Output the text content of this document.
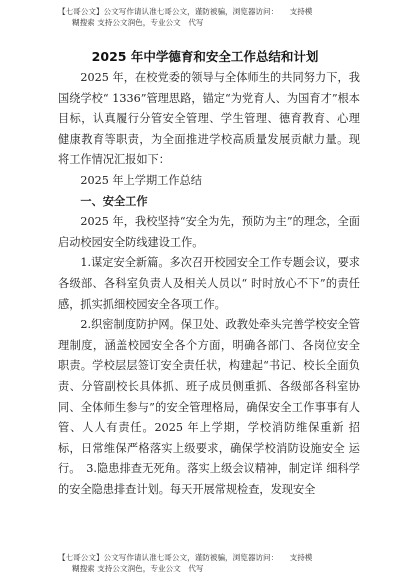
【七哥公文】公文写作请认准七哥公文，谨防被骗，浏览器访问：　　支持模
糊搜索 支持公文润色，专业公文　代写
2025 年中学德育和安全工作总结和计划

2025 年，在校党委的领导与全体师生的共同努力下，我国绕学校“ 1336”管理思路，锚定“为党育人、为国育才”根本目标，认真履行分管安全管理、学生管理、德育教育、心理健康教育等职责，为全面推进学校高质量发展贡献力量。现将工作情况汇报如下：

2025 年上学期工作总结

一、安全工作

2025 年，我校坚持“安全为先，预防为主”的理念，全面启动校园安全防线建设工作。

1.谋定安全新篇。多次召开校园安全工作专题会议，要求各级部、各科室负责人及相关人员以“ 时时放心不下”的责任感，抓实抓细校园安全各项工作。

2.织密制度防护网。保卫处、政教处牵头完善学校安全管理制度，涵盖校园安全各个方面，明确各部门、各岗位安全职责。学校层层签订安全责任状，构建起“书记、校长全面负责、分管副校长具体抓、班子成员侧重抓、各级部各科室协同、全体师生参与”的安全管理格局，确保安全工作事事有人管、人人有责任。2025 年上学期，学校消防维保重新 招标，日常维保严格落实上级要求，确保学校消防设施安全 运行。　3.隐患排查无死角。落实上级会议精神，制定详 细科学的安全隐患排查计划。每天开展常规检查，发现安全

【七哥公文】公文写作请认准七哥公文，谨防被骗，浏览器访问：　　支持模
糊搜索 支持公文润色，专业公文　代写
